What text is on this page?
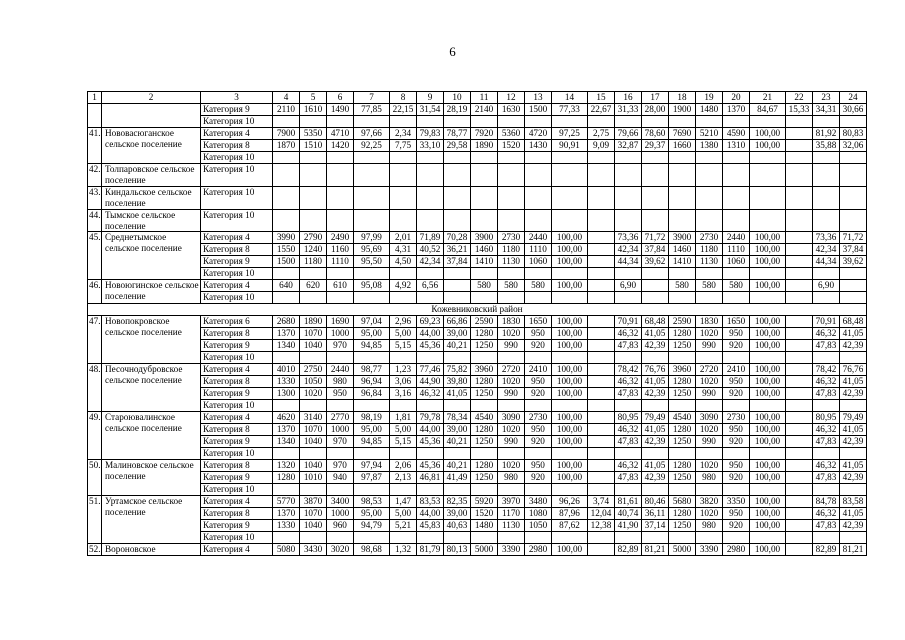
6
1	2	3	4	5	6	7	8	9	10	11	12	13	14	15	16	17	18	19	20	21	22	23	24
		Категория 9	2110	1610	1490	77,85	22,15	31,54	28,19	2140	1630	1500	77,33	22,67	31,33	28,00	1900	1480	1370	84,67	15,33	34,31	30,66
		Категория 10																					
41.	Нововасюганское сельское поселение	Категория 4	7900	5350	4710	97,66	2,34	79,83	78,77	7920	5360	4720	97,25	2,75	79,66	78,60	7690	5210	4590	100,00		81,92	80,83
		Категория 8	1870	1510	1420	92,25	7,75	33,10	29,58	1890	1520	1430	90,91	9,09	32,87	29,37	1660	1380	1310	100,00		35,88	32,06
		Категория 10																					
42.	Толпаровское сельское поселение	Категория 10																					
43.	Киндальское сельское поселение	Категория 10																					
44.	Тымское сельское поселение	Категория 10																					
45.	Среднетымское сельское поселение	Категория 4	3990	2790	2490	97,99	2,01	71,89	70,28	3900	2730	2440	100,00		73,36	71,72	3900	2730	2440	100,00		73,36	71,72
		Категория 8	1550	1240	1160	95,69	4,31	40,52	36,21	1460	1180	1110	100,00		42,34	37,84	1460	1180	1110	100,00		42,34	37,84
		Категория 9	1500	1180	1110	95,50	4,50	42,34	37,84	1410	1130	1060	100,00		44,34	39,62	1410	1130	1060	100,00		44,34	39,62
		Категория 10																					
46.	Новоюгинское сельское поселение	Категория 4	640	620	610	95,08	4,92	6,56		580	580	580	100,00		6,90		580	580	580	100,00		6,90	
		Категория 10																					
Кожевниковский район																							
47.	Новопокровское сельское поселение	Категория 6	2680	1890	1690	97,04	2,96	69,23	66,86	2590	1830	1650	100,00		70,91	68,48	2590	1830	1650	100,00		70,91	68,48
		Категория 8	1370	1070	1000	95,00	5,00	44,00	39,00	1280	1020	950	100,00		46,32	41,05	1280	1020	950	100,00		46,32	41,05
		Категория 9	1340	1040	970	94,85	5,15	45,36	40,21	1250	990	920	100,00		47,83	42,39	1250	990	920	100,00		47,83	42,39
		Категория 10																					
48.	Песочнодубровское сельское поселение	Категория 4	4010	2750	2440	98,77	1,23	77,46	75,82	3960	2720	2410	100,00		78,42	76,76	3960	2720	2410	100,00		78,42	76,76
		Категория 8	1330	1050	980	96,94	3,06	44,90	39,80	1280	1020	950	100,00		46,32	41,05	1280	1020	950	100,00		46,32	41,05
		Категория 9	1300	1020	950	96,84	3,16	46,32	41,05	1250	990	920	100,00		47,83	42,39	1250	990	920	100,00		47,83	42,39
		Категория 10																					
49.	Староювалинское сельское поселение	Категория 4	4620	3140	2770	98,19	1,81	79,78	78,34	4540	3090	2730	100,00		80,95	79,49	4540	3090	2730	100,00		80,95	79,49
		Категория 8	1370	1070	1000	95,00	5,00	44,00	39,00	1280	1020	950	100,00		46,32	41,05	1280	1020	950	100,00		46,32	41,05
		Категория 9	1340	1040	970	94,85	5,15	45,36	40,21	1250	990	920	100,00		47,83	42,39	1250	990	920	100,00		47,83	42,39
		Категория 10																					
50.	Малиновское сельское поселение	Категория 8	1320	1040	970	97,94	2,06	45,36	40,21	1280	1020	950	100,00		46,32	41,05	1280	1020	950	100,00		46,32	41,05
		Категория 9	1280	1010	940	97,87	2,13	46,81	41,49	1250	980	920	100,00		47,83	42,39	1250	980	920	100,00		47,83	42,39
		Категория 10																					
51.	Уртамское сельское поселение	Категория 4	5770	3870	3400	98,53	1,47	83,53	82,35	5920	3970	3480	96,26	3,74	81,61	80,46	5680	3820	3350	100,00		84,78	83,58
		Категория 8	1370	1070	1000	95,00	5,00	44,00	39,00	1520	1170	1080	87,96	12,04	40,74	36,11	1280	1020	950	100,00		46,32	41,05
		Категория 9	1330	1040	960	94,79	5,21	45,83	40,63	1480	1130	1050	87,62	12,38	41,90	37,14	1250	980	920	100,00		47,83	42,39
		Категория 10																					
52.	Вороновское	Категория 4	5080	3430	3020	98,68	1,32	81,79	80,13	5000	3390	2980	100,00		82,89	81,21	5000	3390	2980	100,00		82,89	81,21
